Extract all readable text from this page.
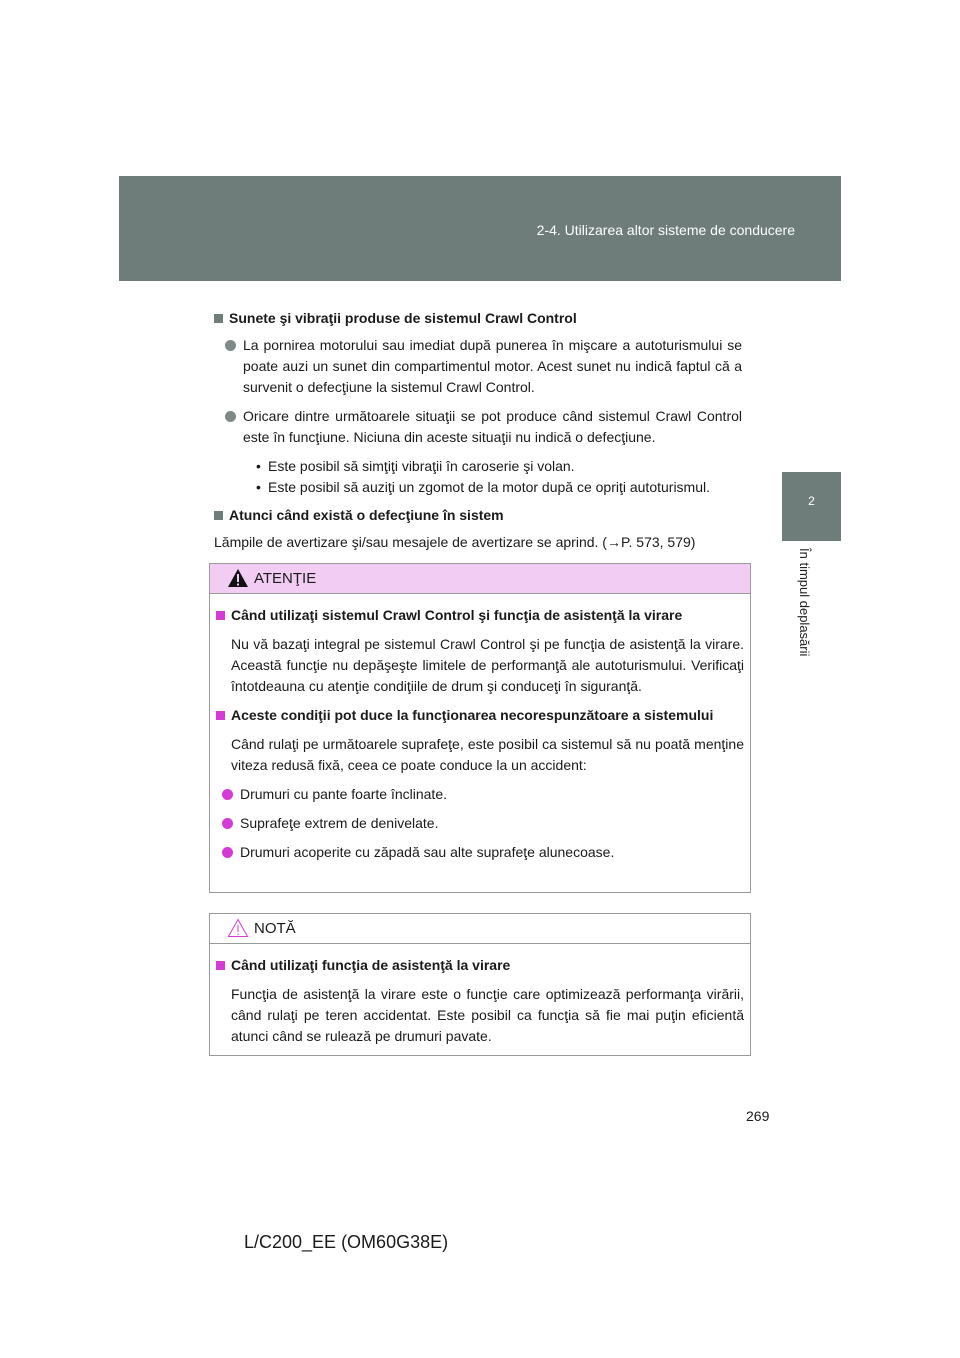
2-4. Utilizarea altor sisteme de conducere
2
În timpul deplasării
Sunete şi vibraţii produse de sistemul Crawl Control
La pornirea motorului sau imediat după punerea în mişcare a autoturismului se poate auzi un sunet din compartimentul motor. Acest sunet nu indică faptul că a survenit o defecţiune la sistemul Crawl Control.
Oricare dintre următoarele situaţii se pot produce când sistemul Crawl Control este în funcţiune. Niciuna din aceste situaţii nu indică o defecţiune.
• Este posibil să simţiţi vibraţii în caroserie şi volan.
• Este posibil să auziţi un zgomot de la motor după ce opriţi autoturismul.
Atunci când există o defecţiune în sistem
Lămpile de avertizare şi/sau mesajele de avertizare se aprind. (→P. 573, 579)
ATENŢIE
Când utilizaţi sistemul Crawl Control şi funcţia de asistenţă la virare
Nu vă bazaţi integral pe sistemul Crawl Control şi pe funcţia de asistenţă la virare. Această funcţie nu depăşeşte limitele de performanţă ale autoturismului. Verificaţi întotdeauna cu atenţie condiţiile de drum şi conduceţi în siguranţă.
Aceste condiţii pot duce la funcţionarea necorespunzătoare a sistemului
Când rulaţi pe următoarele suprafeţe, este posibil ca sistemul să nu poată menţine viteza redusă fixă, ceea ce poate conduce la un accident:
Drumuri cu pante foarte înclinate.
Suprafeţe extrem de denivelate.
Drumuri acoperite cu zăpadă sau alte suprafeţe alunecoase.
NOTĂ
Când utilizaţi funcţia de asistenţă la virare
Funcţia de asistenţă la virare este o funcţie care optimizează performanţa virării, când rulaţi pe teren accidentat. Este posibil ca funcţia să fie mai puţin eficientă atunci când se rulează pe drumuri pavate.
269
L/C200_EE (OM60G38E)
